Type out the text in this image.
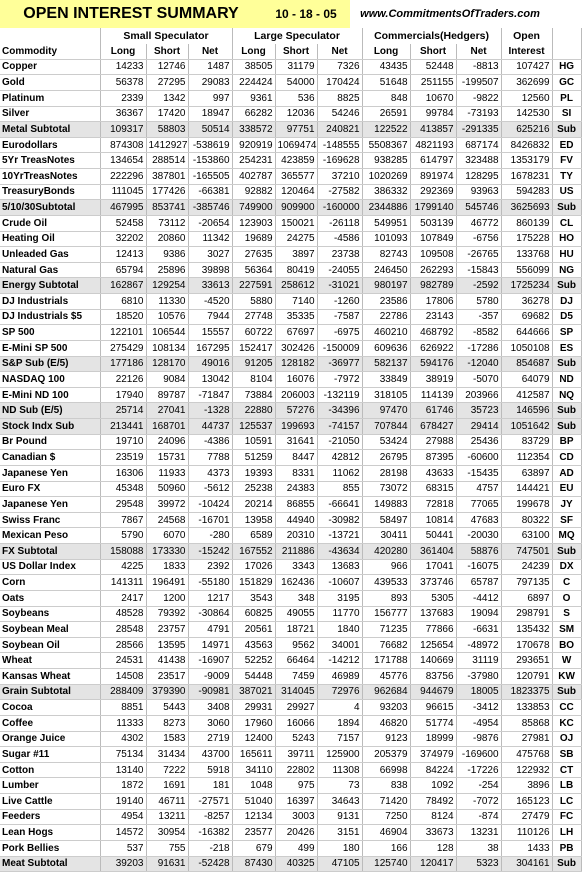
OPEN INTEREST SUMMARY	10 - 18 - 05	www.CommitmentsOfTraders.com
	Small Speculator			Large Speculator			Commercials(Hedgers)			Open	
Commodity	Long	Short	Net	Long	Short	Net	Long	Short	Net	Interest	
Copper	14233	12746	1487	38505	31179	7326	43435	52448	-8813	107427	HG
Gold	56378	27295	29083	224424	54000	170424	51648	251155	-199507	362699	GC
Platinum	2339	1342	997	9361	536	8825	848	10670	-9822	12560	PL
Silver	36367	17420	18947	66282	12036	54246	26591	99784	-73193	142530	SI
Metal Subtotal	109317	58803	50514	338572	97751	240821	122522	413857	-291335	625216	Sub
Eurodollars	874308	1412927	-538619	920919	1069474	-148555	5508367	4821193	687174	8426832	ED
5Yr TreasNotes	134654	288514	-153860	254231	423859	-169628	938285	614797	323488	1353179	FV
10YrTreasNotes	222296	387801	-165505	402787	365577	37210	1020269	891974	128295	1678231	TY
TreasuryBonds	111045	177426	-66381	92882	120464	-27582	386332	292369	93963	594283	US
5/10/30Subtotal	467995	853741	-385746	749900	909900	-160000	2344886	1799140	545746	3625693	Sub
Crude Oil	52458	73112	-20654	123903	150021	-26118	549951	503139	46772	860139	CL
Heating Oil	32202	20860	11342	19689	24275	-4586	101093	107849	-6756	175228	HO
Unleaded Gas	12413	9386	3027	27635	3897	23738	82743	109508	-26765	133768	HU
Natural Gas	65794	25896	39898	56364	80419	-24055	246450	262293	-15843	556099	NG
Energy Subtotal	162867	129254	33613	227591	258612	-31021	980197	982789	-2592	1725234	Sub
DJ Industrials	6810	11330	-4520	5880	7140	-1260	23586	17806	5780	36278	DJ
DJ Industrials $5	18520	10576	7944	27748	35335	-7587	22786	23143	-357	69682	D5
SP 500	122101	106544	15557	60722	67697	-6975	460210	468792	-8582	644666	SP
E-Mini SP 500	275429	108134	167295	152417	302426	-150009	609636	626922	-17286	1050108	ES
S&P Sub (E/5)	177186	128170	49016	91205	128182	-36977	582137	594176	-12040	854687	Sub
NASDAQ 100	22126	9084	13042	8104	16076	-7972	33849	38919	-5070	64079	ND
E-Mini ND 100	17940	89787	-71847	73884	206003	-132119	318105	114139	203966	412587	NQ
ND Sub (E/5)	25714	27041	-1328	22880	57276	-34396	97470	61746	35723	146596	Sub
Stock Indx Sub	213441	168701	44737	125537	199693	-74157	707844	678427	29414	1051642	Sub
Br Pound	19710	24096	-4386	10591	31641	-21050	53424	27988	25436	83729	BP
Canadian $	23519	15731	7788	51259	8447	42812	26795	87395	-60600	112354	CD
Japanese Yen	16306	11933	4373	19393	8331	11062	28198	43633	-15435	63897	AD
Euro FX	45348	50960	-5612	25238	24383	855	73072	68315	4757	144421	EU
Japanese Yen	29548	39972	-10424	20214	86855	-66641	149883	72818	77065	199678	JY
Swiss Franc	7867	24568	-16701	13958	44940	-30982	58497	10814	47683	80322	SF
Mexican Peso	5790	6070	-280	6589	20310	-13721	30411	50441	-20030	63100	MQ
FX Subtotal	158088	173330	-15242	167552	211886	-43634	420280	361404	58876	747501	Sub
US Dollar Index	4225	1833	2392	17026	3343	13683	966	17041	-16075	24239	DX
Corn	141311	196491	-55180	151829	162436	-10607	439533	373746	65787	797135	C
Oats	2417	1200	1217	3543	348	3195	893	5305	-4412	6897	O
Soybeans	48528	79392	-30864	60825	49055	11770	156777	137683	19094	298791	S
Soybean Meal	28548	23757	4791	20561	18721	1840	71235	77866	-6631	135432	SM
Soybean Oil	28566	13595	14971	43563	9562	34001	76682	125654	-48972	170678	BO
Wheat	24531	41438	-16907	52252	66464	-14212	171788	140669	31119	293651	W
Kansas Wheat	14508	23517	-9009	54448	7459	46989	45776	83756	-37980	120791	KW
Grain Subtotal	288409	379390	-90981	387021	314045	72976	962684	944679	18005	1823375	Sub
Cocoa	8851	5443	3408	29931	29927	4	93203	96615	-3412	133853	CC
Coffee	11333	8273	3060	17960	16066	1894	46820	51774	-4954	85868	KC
Orange Juice	4302	1583	2719	12400	5243	7157	9123	18999	-9876	27981	OJ
Sugar #11	75134	31434	43700	165611	39711	125900	205379	374979	-169600	475768	SB
Cotton	13140	7222	5918	34110	22802	11308	66998	84224	-17226	122932	CT
Lumber	1872	1691	181	1048	975	73	838	1092	-254	3896	LB
Live Cattle	19140	46711	-27571	51040	16397	34643	71420	78492	-7072	165123	LC
Feeders	4954	13211	-8257	12134	3003	9131	7250	8124	-874	27479	FC
Lean Hogs	14572	30954	-16382	23577	20426	3151	46904	33673	13231	110126	LH
Pork Bellies	537	755	-218	679	499	180	166	128	38	1433	PB
Meat Subtotal	39203	91631	-52428	87430	40325	47105	125740	120417	5323	304161	Sub
